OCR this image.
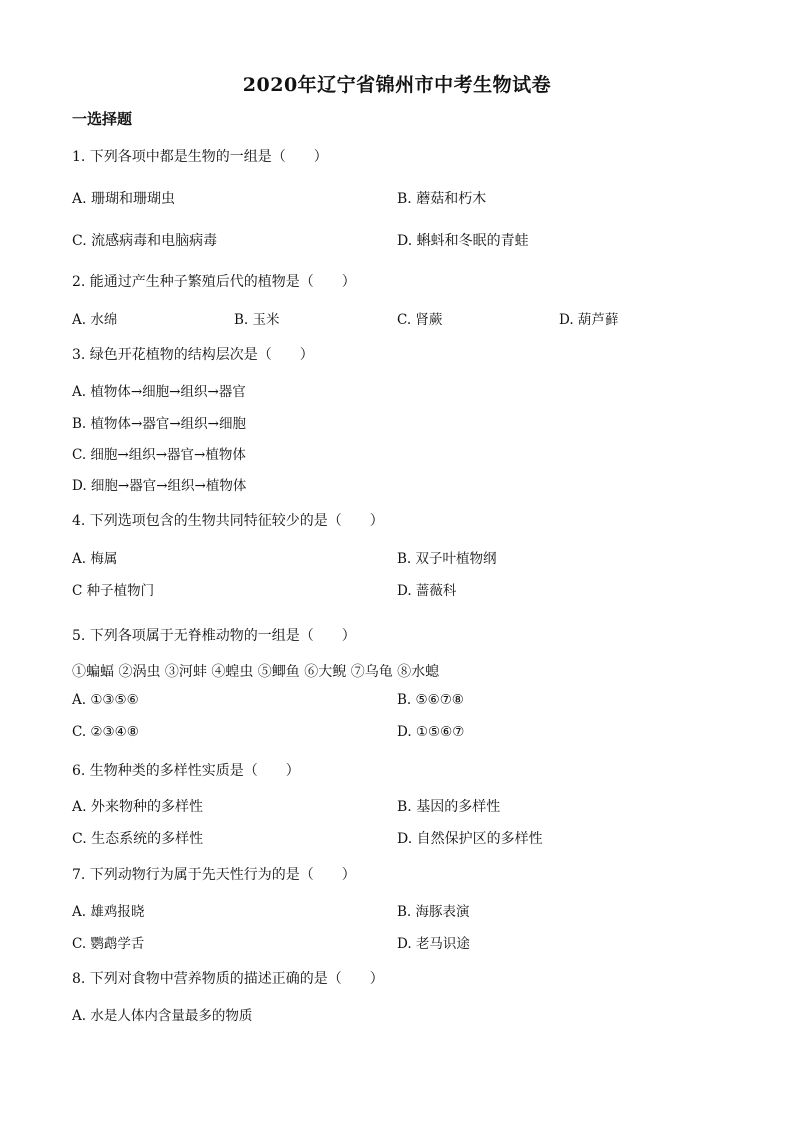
2020年辽宁省锦州市中考生物试卷
一选择题
1. 下列各项中都是生物的一组是（　　）
A. 珊瑚和珊瑚虫	B. 蘑菇和朽木
C. 流感病毒和电脑病毒	D. 蝌蚪和冬眠的青蛙
2. 能通过产生种子繁殖后代的植物是（　　）
A. 水绵	B. 玉米	C. 肾蕨	D. 葫芦藓
3. 绿色开花植物的结构层次是（　　）
A. 植物体→细胞→组织→器官
B. 植物体→器官→组织→细胞
C. 细胞→组织→器官→植物体
D. 细胞→器官→组织→植物体
4. 下列选项包含的生物共同特征较少的是（　　）
A. 梅属	B. 双子叶植物纲
C 种子植物门	D. 蔷薇科
5. 下列各项属于无脊椎动物的一组是（　　）
①蝙蝠 ②涡虫 ③河蚌 ④蝗虫 ⑤鲫鱼 ⑥大鲵 ⑦乌龟 ⑧水螅
A. ①③⑤⑥	B. ⑤⑥⑦⑧
C. ②③④⑧	D. ①⑤⑥⑦
6. 生物种类的多样性实质是（　　）
A. 外来物种的多样性	B. 基因的多样性
C. 生态系统的多样性	D. 自然保护区的多样性
7. 下列动物行为属于先天性行为的是（　　）
A. 雄鸡报晓	B. 海豚表演
C. 鹦鹉学舌	D. 老马识途
8. 下列对食物中营养物质的描述正确的是（　　）
A. 水是人体内含量最多的物质
